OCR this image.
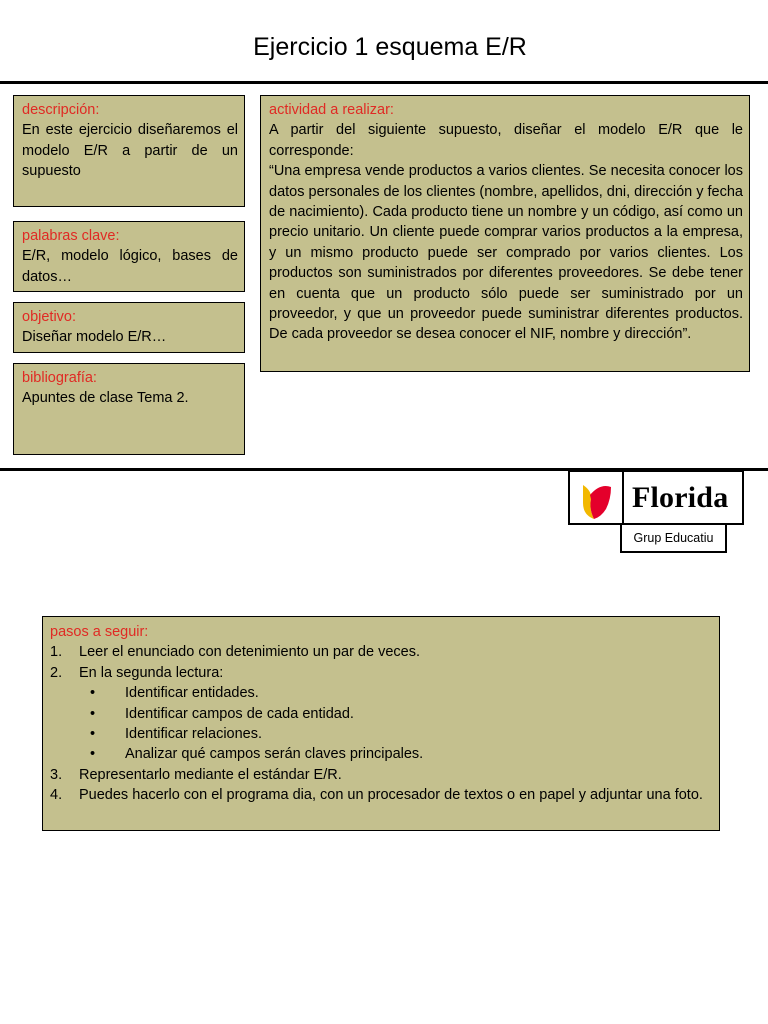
Ejercicio 1 esquema E/R
descripción:
En este ejercicio diseñaremos el modelo E/R a partir de un supuesto
palabras clave:
E/R, modelo lógico, bases de datos…
objetivo:
Diseñar modelo E/R…
bibliografía:
Apuntes de clase Tema 2.
actividad a realizar:
A partir del siguiente supuesto, diseñar el modelo E/R que le corresponde:
“Una empresa vende productos a varios clientes. Se necesita conocer los datos personales de los clientes (nombre, apellidos, dni, dirección y fecha de nacimiento). Cada producto tiene un nombre y un código, así como un precio unitario. Un cliente puede comprar varios productos a la empresa, y un mismo producto puede ser comprado por varios clientes. Los productos son suministrados por diferentes proveedores. Se debe tener en cuenta que un producto sólo puede ser suministrado por un proveedor, y que un proveedor puede suministrar diferentes productos. De cada proveedor se desea conocer el NIF, nombre y dirección”.
Florida
Grup Educatiu
pasos a seguir:
1.	Leer el enunciado con detenimiento un par de veces.
2.	En la segunda lectura:
•	Identificar entidades.
•	Identificar campos de cada entidad.
•	Identificar relaciones.
•	Analizar qué campos serán claves principales.
3.	Representarlo mediante el estándar E/R.
4.	Puedes hacerlo con el programa dia, con un procesador de textos o en papel y adjuntar una foto.
